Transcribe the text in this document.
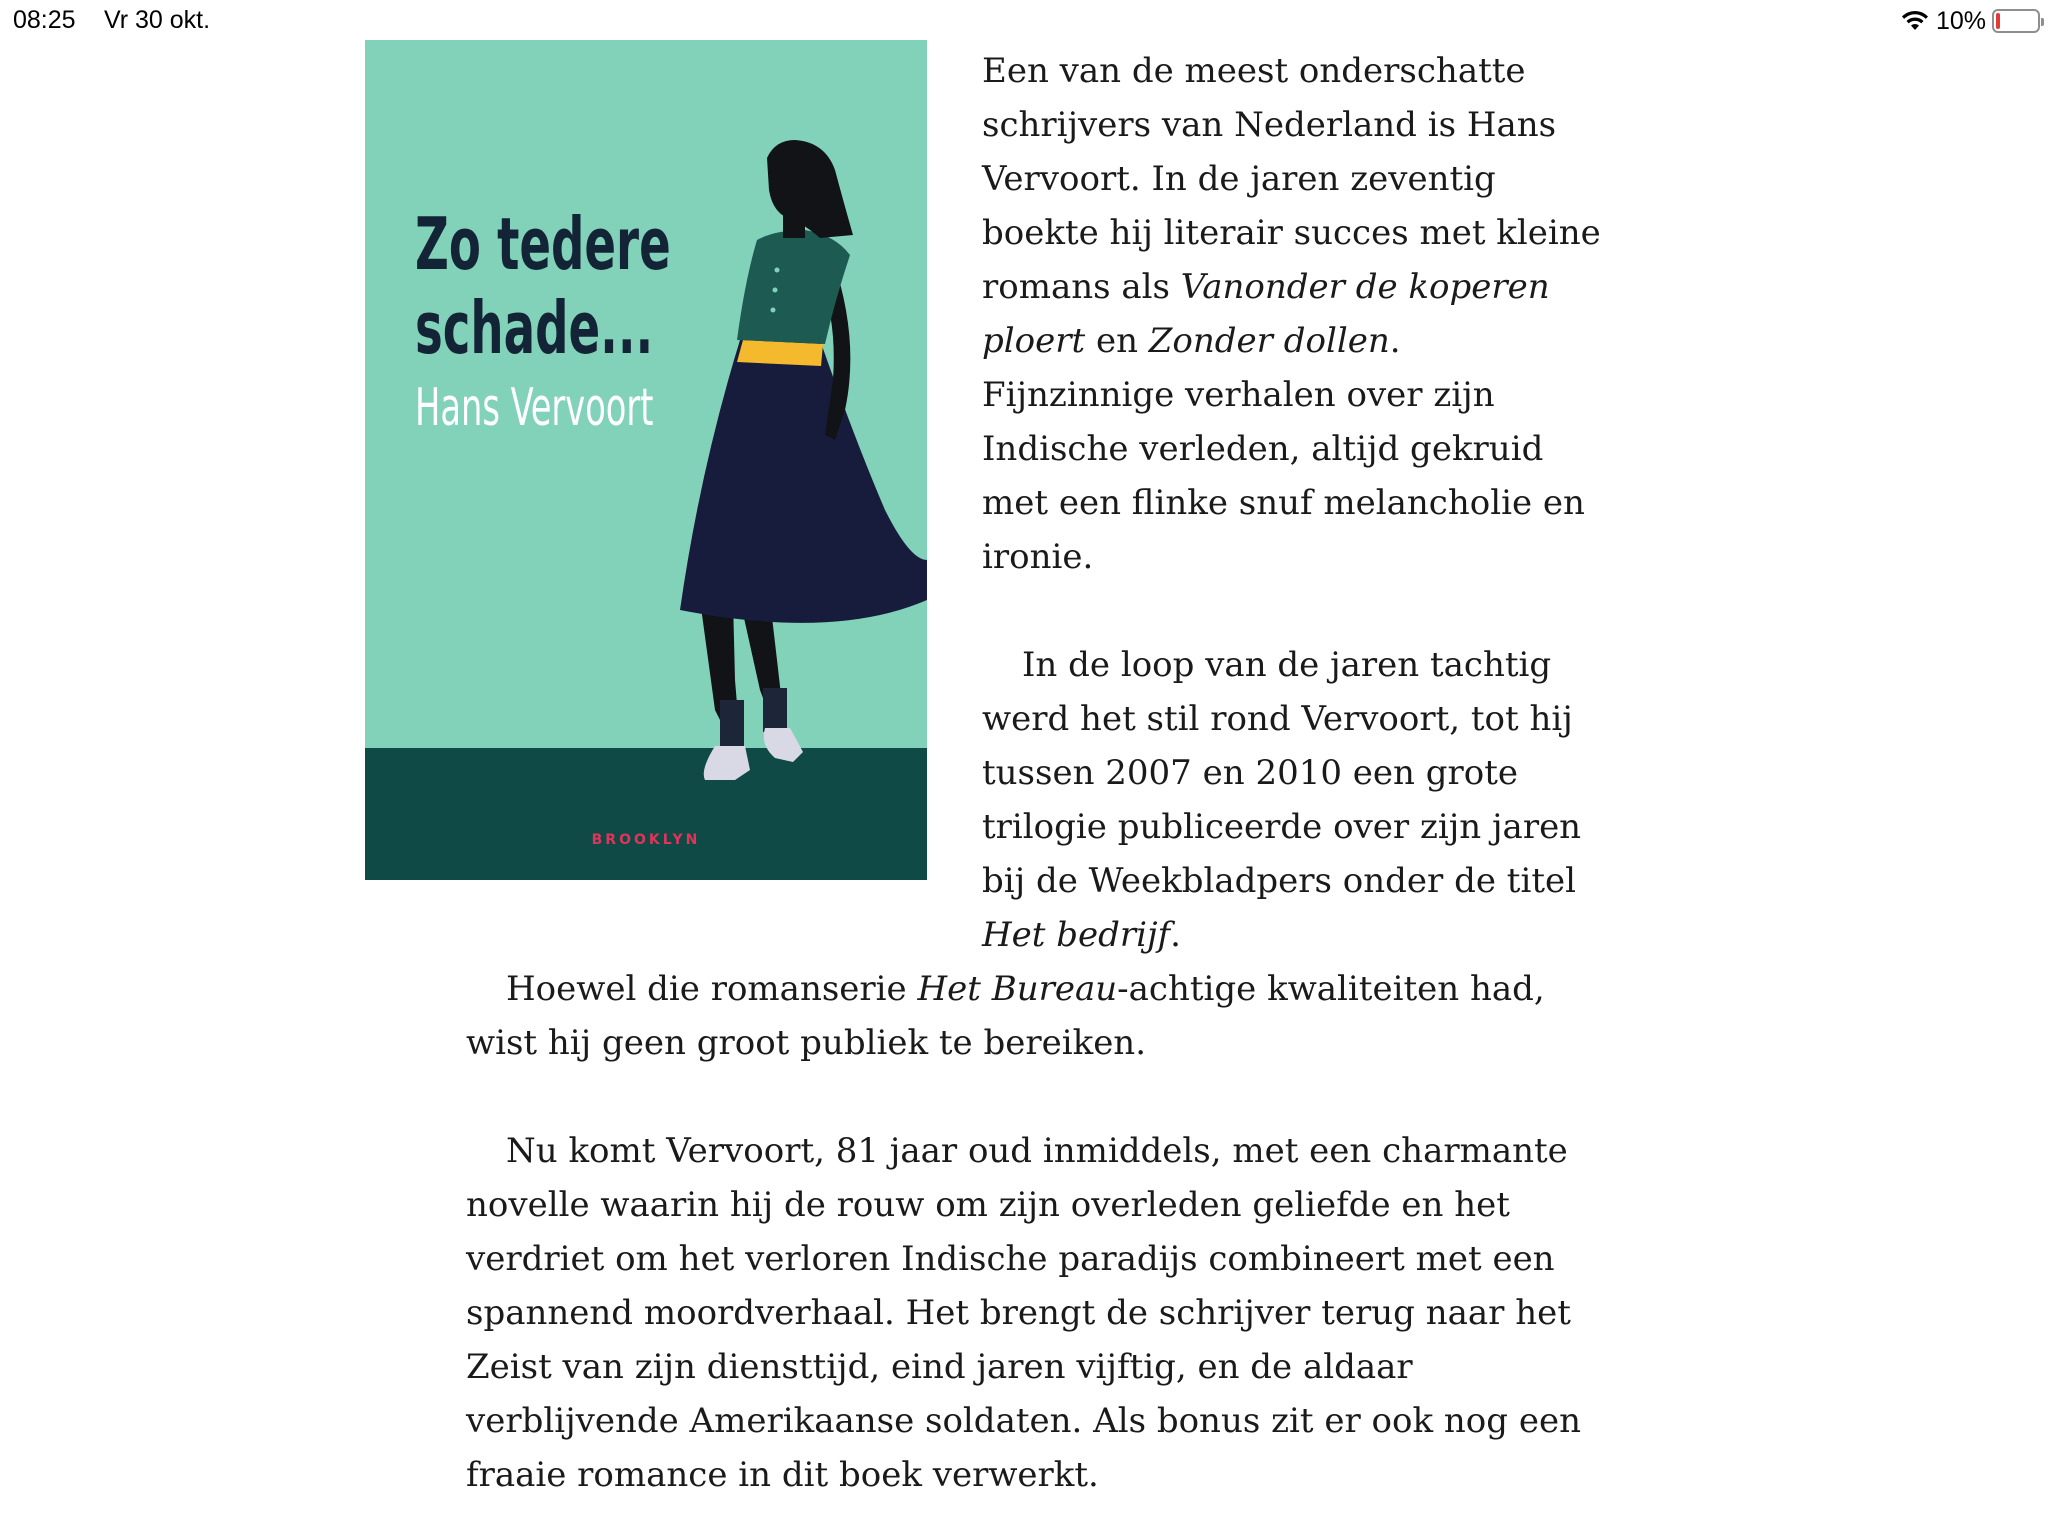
08:25 Vr 30 okt.	10%
Zo tedere
schade...
Hans Vervoort
BROOKLYN

Een van de meest onderschatte schrijvers van Nederland is Hans Vervoort. In de jaren zeventig boekte hij literair succes met kleine romans als Vanonder de koperen ploert en Zonder dollen. Fijnzinnige verhalen over zijn Indische verleden, altijd gekruid met een flinke snuf melancholie en ironie.

In de loop van de jaren tachtig werd het stil rond Vervoort, tot hij tussen 2007 en 2010 een grote trilogie publiceerde over zijn jaren bij de Weekbladpers onder de titel Het bedrijf.

Hoewel die romanserie Het Bureau-achtige kwaliteiten had, wist hij geen groot publiek te bereiken.

Nu komt Vervoort, 81 jaar oud inmiddels, met een charmante novelle waarin hij de rouw om zijn overleden geliefde en het verdriet om het verloren Indische paradijs combineert met een spannend moordverhaal. Het brengt de schrijver terug naar het Zeist van zijn diensttijd, eind jaren vijftig, en de aldaar verblijvende Amerikaanse soldaten. Als bonus zit er ook nog een fraaie romance in dit boek verwerkt.
